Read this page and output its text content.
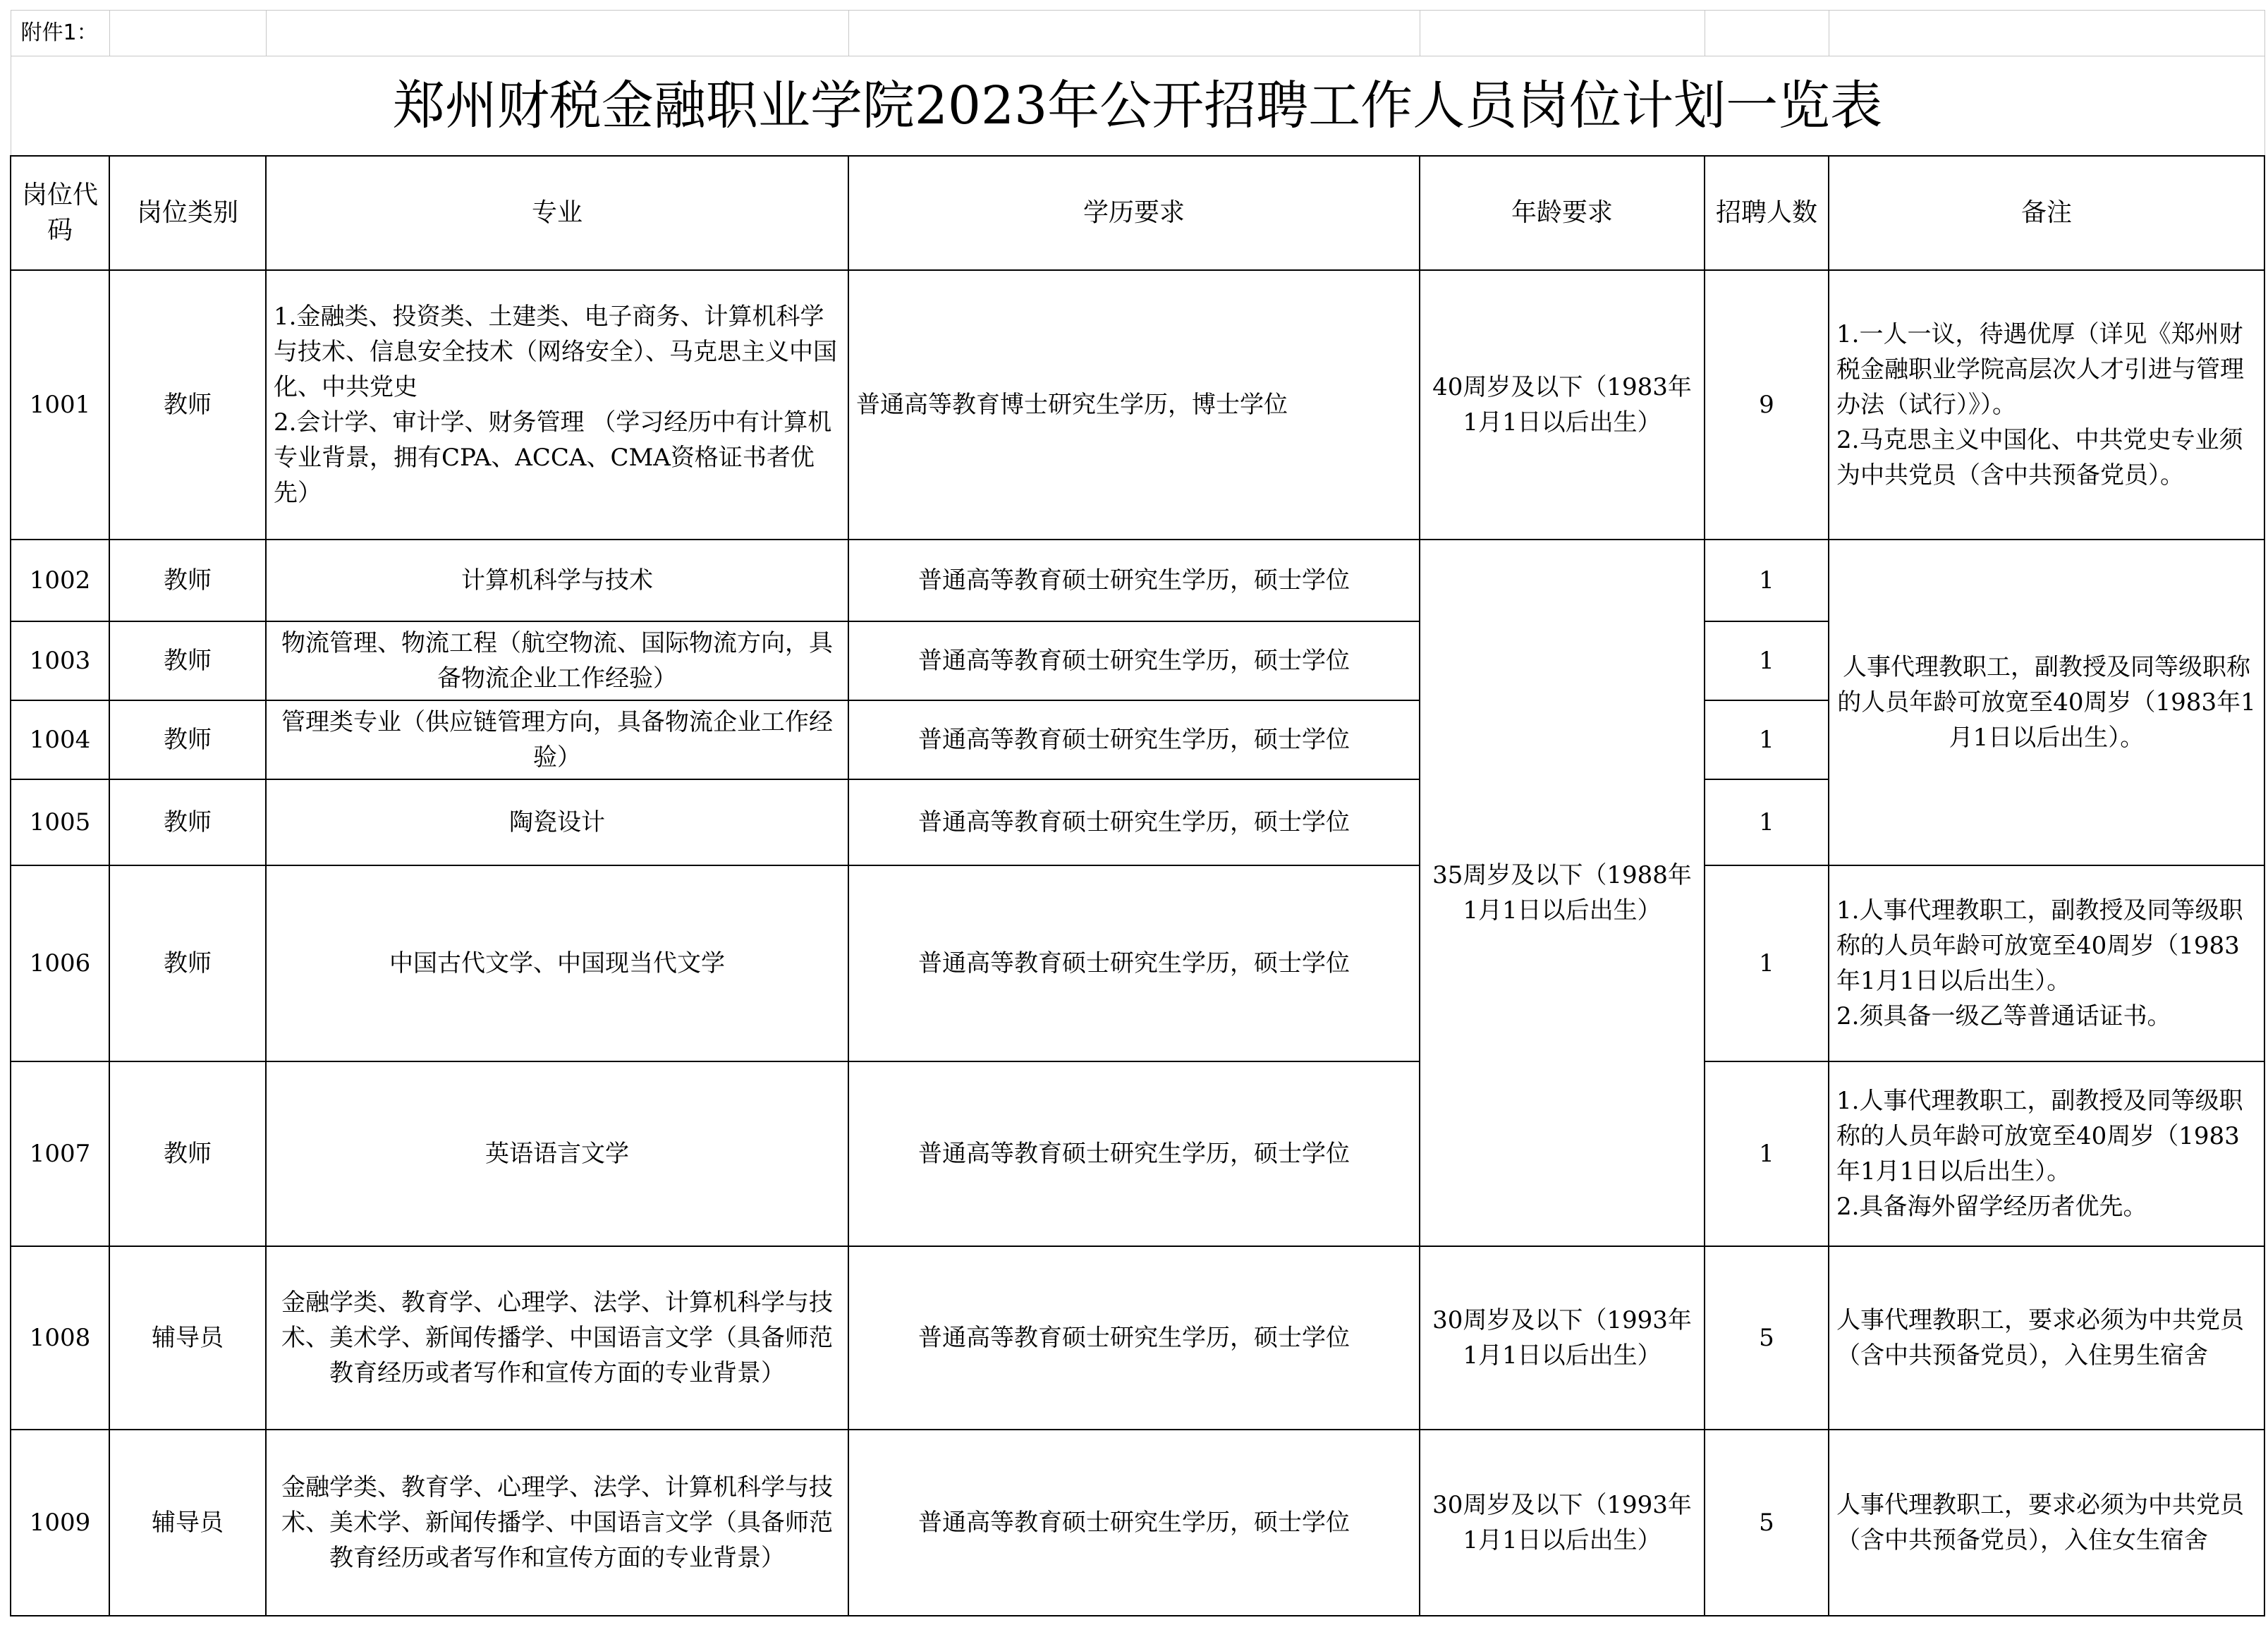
附件1：						
郑州财税金融职业学院2023年公开招聘工作人员岗位计划一览表						
岗位代码	岗位类别	专业	学历要求	年龄要求	招聘人数	备注
1001	教师	1.金融类、投资类、土建类、电子商务、计算机科学与技术、信息安全技术（网络安全）、马克思主义中国化、中共党史
2.会计学、审计学、财务管理 （学习经历中有计算机专业背景，拥有CPA、ACCA、CMA资格证书者优先）	普通高等教育博士研究生学历，博士学位	40周岁及以下（1983年1月1日以后出生）	9	1.一人一议，待遇优厚（详见《郑州财税金融职业学院高层次人才引进与管理办法（试行）》）。
2.马克思主义中国化、中共党史专业须为中共党员（含中共预备党员）。
1002	教师	计算机科学与技术	普通高等教育硕士研究生学历，硕士学位	35周岁及以下（1988年1月1日以后出生）	1	人事代理教职工，副教授及同等级职称的人员年龄可放宽至40周岁（1983年1月1日以后出生）。
1003	教师	物流管理、物流工程（航空物流、国际物流方向，具备物流企业工作经验）	普通高等教育硕士研究生学历，硕士学位		1	
1004	教师	管理类专业（供应链管理方向，具备物流企业工作经验）	普通高等教育硕士研究生学历，硕士学位		1	
1005	教师	陶瓷设计	普通高等教育硕士研究生学历，硕士学位		1	
1006	教师	中国古代文学、中国现当代文学	普通高等教育硕士研究生学历，硕士学位		1	1.人事代理教职工，副教授及同等级职称的人员年龄可放宽至40周岁（1983年1月1日以后出生）。
2.须具备一级乙等普通话证书。
1007	教师	英语语言文学	普通高等教育硕士研究生学历，硕士学位		1	1.人事代理教职工，副教授及同等级职称的人员年龄可放宽至40周岁（1983年1月1日以后出生）。
2.具备海外留学经历者优先。
1008	辅导员	金融学类、教育学、心理学、法学、计算机科学与技术、美术学、新闻传播学、中国语言文学（具备师范教育经历或者写作和宣传方面的专业背景）	普通高等教育硕士研究生学历，硕士学位	30周岁及以下（1993年1月1日以后出生）	5	人事代理教职工，要求必须为中共党员（含中共预备党员），入住男生宿舍
1009	辅导员	金融学类、教育学、心理学、法学、计算机科学与技术、美术学、新闻传播学、中国语言文学（具备师范教育经历或者写作和宣传方面的专业背景）	普通高等教育硕士研究生学历，硕士学位	30周岁及以下（1993年1月1日以后出生）	5	人事代理教职工，要求必须为中共党员（含中共预备党员），入住女生宿舍
